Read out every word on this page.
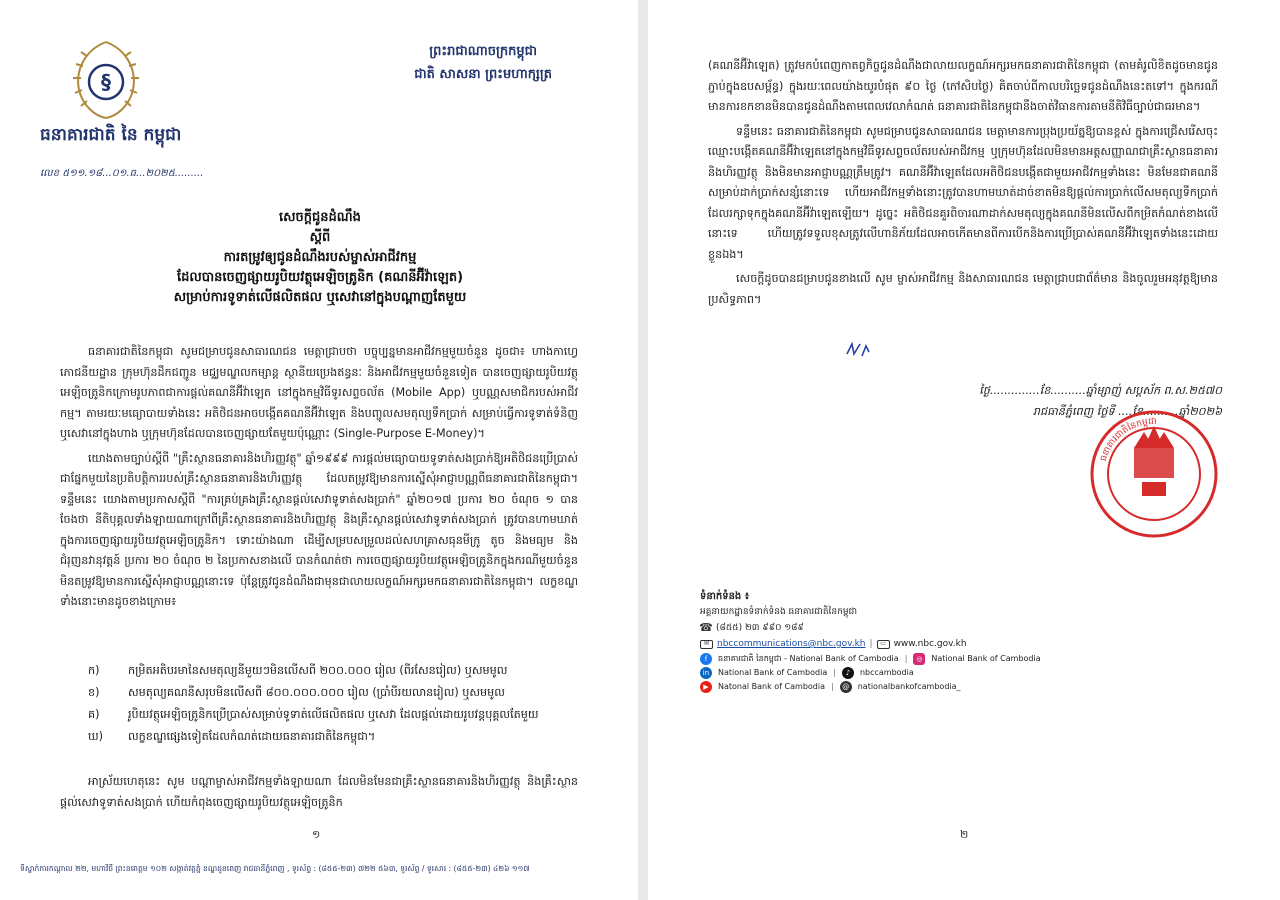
§
ធនាគារជាតិ នៃ កម្ពុជា
លេខ ៥១១.១៨...០១.ធ...២០២៥.........
ព្រះរាជាណាចក្រកម្ពុជា
ជាតិ សាសនា ព្រះមហាក្សត្រ
សេចក្តីជូនដំណឹង
ស្តីពី
ការតម្រូវឲ្យជូនដំណឹងរបស់ម្ចាស់អាជីវកម្ម
ដែលបានចេញផ្សាយរូបិយវត្ថុអេឡិចត្រូនិក (គណនីអ៊ីវ៉ាឡេត)
សម្រាប់ការទូទាត់លើផលិតផល ឬសេវានៅក្នុងបណ្តាញតែមួយ

ធនាគារជាតិនៃកម្ពុជា សូមជម្រាបជូនសាធារណជន មេត្តាជ្រាបថា បច្ចុប្បន្នមានអាជីវកម្មមួយចំនួន ដូចជា៖ ហាងកាហ្វេ ភោជនីយដ្ឋាន ក្រុមហ៊ុនដឹកជញ្ជូន មជ្ឈមណ្ឌលកម្សាន្ត ស្ថានីយប្រេងឥន្ធនៈ និងអាជីវកម្មមួយចំនួនទៀត បានចេញផ្សាយរូបិយវត្ថុអេឡិចត្រូនិកក្រោមរូបភាពជាការផ្តល់គណនីអ៊ីវ៉ាឡេត នៅក្នុងកម្មវិធីទូរសព្ទចល័ត (Mobile App) ឬបណ្ណសមាជិករបស់អាជីវកម្ម។ តាមរយៈមធ្យោបាយទាំងនេះ អតិថិជនអាចបង្កើតគណនីអ៊ីវ៉ាឡេត និងបញ្ចូលសមតុល្យទឹកប្រាក់ សម្រាប់ធ្វើការទូទាត់ទំនិញ ឬសេវានៅក្នុងហាង ឬក្រុមហ៊ុនដែលបានចេញផ្សាយតែមួយប៉ុណ្ណោះ (Single-Purpose E-Money)។

យោងតាមច្បាប់ស្តីពី "គ្រឹះស្ថានធនាគារនិងហិរញ្ញវត្ថុ" ឆ្នាំ១៩៩៩ ការផ្តល់មធ្យោបាយទូទាត់សងប្រាក់ឱ្យអតិថិជនប្រើប្រាស់ ជាផ្នែកមួយនៃប្រតិបត្តិការរបស់គ្រឹះស្ថានធនាគារនិងហិរញ្ញវត្ថុ ដែលតម្រូវឱ្យមានការស្នើសុំអាជ្ញាបណ្ណពីធនាគារជាតិនៃកម្ពុជា។ ទន្ទឹមនេះ យោងតាមប្រកាសស្តីពី "ការគ្រប់គ្រងគ្រឹះស្ថានផ្តល់សេវាទូទាត់សងប្រាក់" ឆ្នាំ២០១៧ ប្រការ ២០ ចំណុច ១ បានចែងថា នីតិបុគ្គលទាំងឡាយណាក្រៅពីគ្រឹះស្ថានធនាគារនិងហិរញ្ញវត្ថុ និងគ្រឹះស្ថានផ្តល់សេវាទូទាត់សងប្រាក់ ត្រូវបានហាមឃាត់ក្នុងការចេញផ្សាយរូបិយវត្ថុអេឡិចត្រូនិក។ ទោះយ៉ាងណា ដើម្បីសម្របសម្រួលដល់សហគ្រាសធុនមីក្រូ តូច និងមធ្យម និងជំរុញនវានុវត្តន៍ ប្រការ ២០ ចំណុច ២ នៃប្រកាសខាងលើ បានកំណត់ថា ការចេញផ្សាយរូបិយវត្ថុអេឡិចត្រូនិកក្នុងករណីមួយចំនួន មិនតម្រូវឱ្យមានការស្នើសុំអាជ្ញាបណ្ណនោះទេ ប៉ុន្តែត្រូវជូនដំណឹងជាមុនជាលាយលក្ខណ៍អក្សរមកធនាគារជាតិនៃកម្ពុជា។ លក្ខខណ្ឌទាំងនោះមានដូចខាងក្រោម៖

ក)	កម្រិតអតិបរមានៃសមតុល្យនីមួយៗមិនលើសពី ២០០.០០០ រៀល (ពីរសែនរៀល) ឬសមមូល
ខ)	សមតុល្យគណនីសរុបមិនលើសពី ៨០០.០០០.០០០ រៀល (ប្រាំបីរយលានរៀល) ឬសមមូល
គ)	រូបិយវត្ថុអេឡិចត្រូនិកប្រើប្រាស់សម្រាប់ទូទាត់លើផលិតផល ឬសេវា ដែលផ្តល់ដោយរូបវន្តបុគ្គលតែមួយ
ឃ)	លក្ខខណ្ឌផ្សេងទៀតដែលកំណត់ដោយធនាគារជាតិនៃកម្ពុជា។

អាស្រ័យហេតុនេះ សូម បណ្តាម្ចាស់អាជីវកម្មទាំងឡាយណា ដែលមិនមែនជាគ្រឹះស្ថានធនាគារនិងហិរញ្ញវត្ថុ និងគ្រឹះស្ថានផ្តល់សេវាទូទាត់សងប្រាក់ ហើយកំពុងចេញផ្សាយរូបិយវត្ថុអេឡិចត្រូនិក

១
ទីស្នាក់ការកណ្តាល ២២, មហាវិថី ព្រះនរោត្តម ១០២ សង្កាត់វត្តភ្នំ ខណ្ឌដូនពេញ រាជធានីភ្នំពេញ , ទូរស័ព្ទ : (៨៥៥-២៣) ៧២២ ៥៦៣, ទូរស័ព្ទ / ទូរសារ : (៨៥៥-២៣) ៤២៦ ១១៧

(គណនីអ៊ីវ៉ាឡេត) ត្រូវមកបំពេញកាតព្វកិច្ចជូនដំណឹងជាលាយលក្ខណ៍អក្សរមកធនាគារជាតិនៃកម្ពុជា (តាមគំរូលិខិតដូចមានជូនភ្ជាប់ក្នុងឧបសម្ព័ន្ធ) ក្នុងរយៈពេលយ៉ាងយូរបំផុត ៩០ ថ្ងៃ (កៅសិបថ្ងៃ) គិតចាប់ពីកាលបរិច្ឆេទជូនដំណឹងនេះតទៅ។ ក្នុងករណី មានការខកខានមិនបានជូនដំណឹងតាមពេលវេលាកំណត់ ធនាគារជាតិនៃកម្ពុជានឹងចាត់វិធានការតាមនីតិវិធីច្បាប់ជាធរមាន។

ទន្ទឹមនេះ ធនាគារជាតិនៃកម្ពុជា សូមជម្រាបជូនសាធារណជន មេត្តាមានការប្រុងប្រយ័ត្នឱ្យបានខ្ពស់ ក្នុងការជ្រើសរើសចុះឈ្មោះបង្កើតគណនីអ៊ីវ៉ាឡេតនៅក្នុងកម្មវិធីទូរសព្ទចល័តរបស់អាជីវកម្ម ឬក្រុមហ៊ុនដែលមិនមានអត្តសញ្ញាណជាគ្រឹះស្ថានធនាគារនិងហិរញ្ញវត្ថុ និងមិនមានអាជ្ញាបណ្ណត្រឹមត្រូវ។ គណនីអ៊ីវ៉ាឡេតដែលអតិថិជនបង្កើតជាមួយអាជីវកម្មទាំងនេះ មិនមែនជាគណនីសម្រាប់ដាក់ប្រាក់សន្សំនោះទេ ហើយអាជីវកម្មទាំងនោះត្រូវបានហាមឃាត់ដាច់ខាតមិនឱ្យផ្តល់ការប្រាក់លើសមតុល្យទឹកប្រាក់ដែលរក្សាទុកក្នុងគណនីអ៊ីវ៉ាឡេតឡើយ។ ដូច្នេះ អតិថិជនគួរពិចារណាដាក់សមតុល្យក្នុងគណនីមិនលើសពីកម្រិតកំណត់ខាងលើនោះទេ ហើយត្រូវទទួលខុសត្រូវលើហានិភ័យដែលអាចកើតមានពីការបើកនិងការប្រើប្រាស់គណនីអ៊ីវ៉ាឡេតទាំងនេះដោយខ្លួនឯង។

សេចក្តីដូចបានជម្រាបជូនខាងលើ សូម ម្ចាស់អាជីវកម្ម និងសាធារណជន មេត្តាជ្រាបជាព័ត៌មាន និងចូលរួមអនុវត្តឱ្យមានប្រសិទ្ធភាព។

ថ្ងៃ..............ខែ..........ឆ្នាំម្សាញ់ សប្តស័ក ព.ស.២៥៧០
រាជធានីភ្នំពេញ ថ្ងៃទី ....ខែ..........ឆ្នាំ២០២៦
ធនាគារជាតិនៃកម្ពុជា
២
ទំនាក់ទំនង ៖
អគ្គនាយកដ្ឋានទំនាក់ទំនង ធនាគារជាតិនៃកម្ពុជា
☎ (៨៥៥) ២៣ ៩៩០ ១៨៩
✉ nbccommunications@nbc.gov.kh |	▭ www.nbc.gov.kh
f	ធនាគារជាតិ នៃកម្ពុជា - National Bank of Cambodia |	◎	National Bank of Cambodia
in	National Bank of Cambodia |	♪	nbccambodia
▶	Natonal Bank of Cambodia |	@	nationalbankofcambodia_
